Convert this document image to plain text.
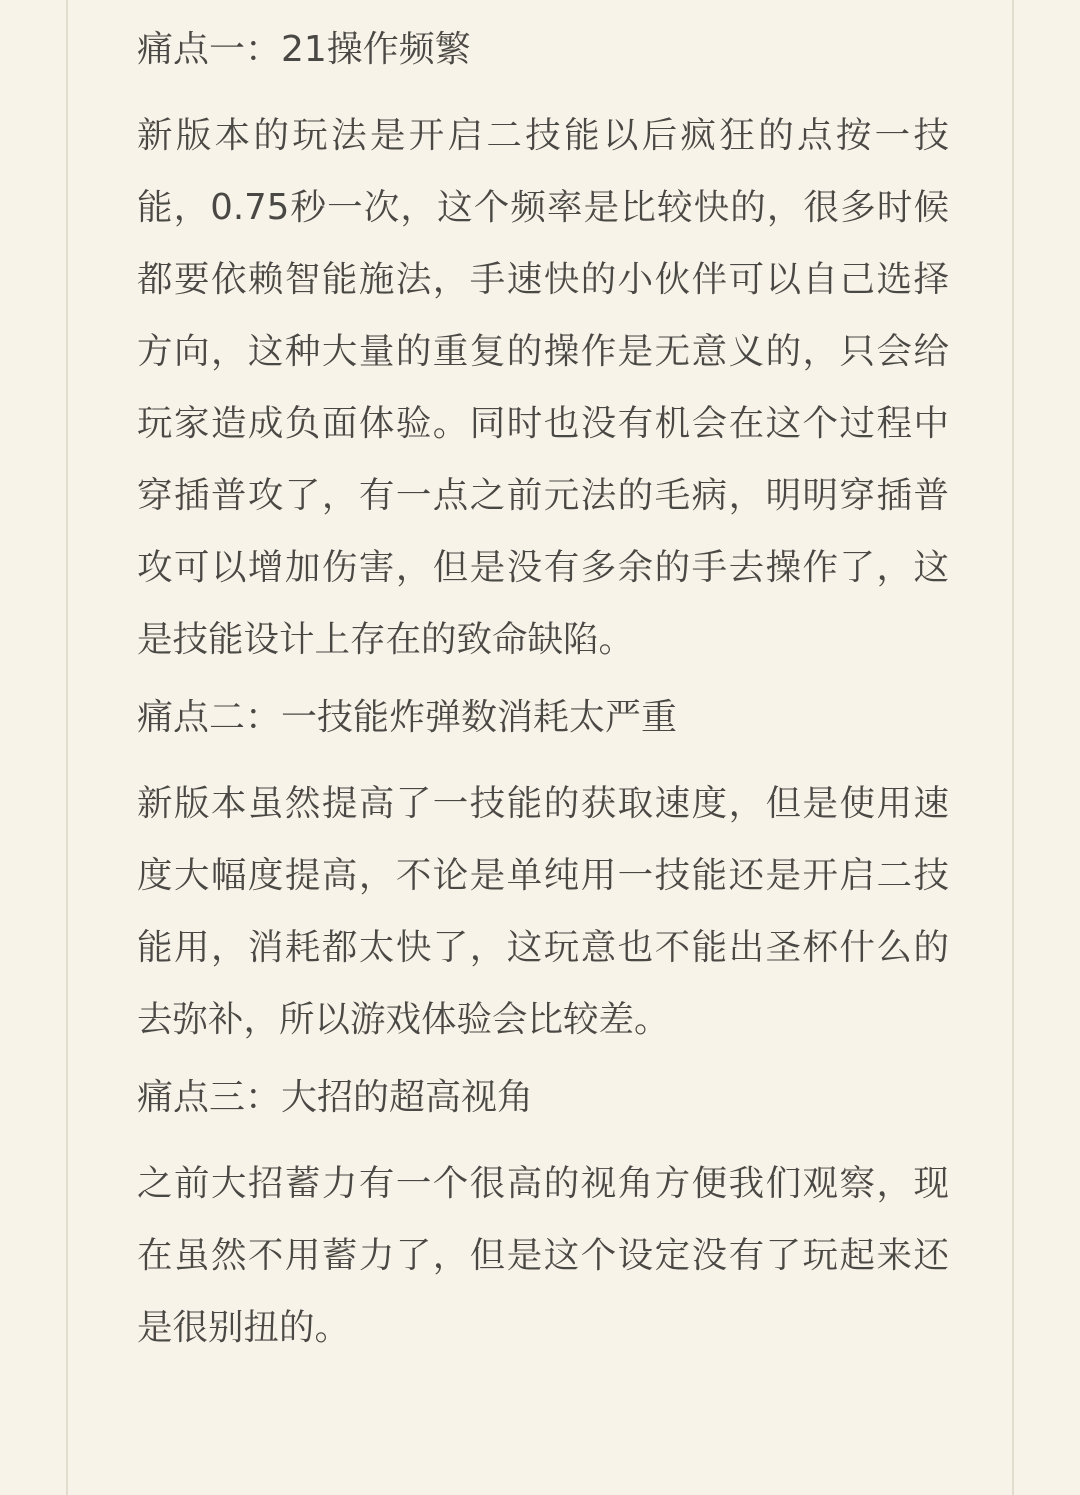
痛点一：21操作频繁
新版本的玩法是开启二技能以后疯狂的点按一技能，0.75秒一次，这个频率是比较快的，很多时候都要依赖智能施法，手速快的小伙伴可以自己选择方向，这种大量的重复的操作是无意义的，只会给玩家造成负面体验。同时也没有机会在这个过程中穿插普攻了，有一点之前元法的毛病，明明穿插普攻可以增加伤害，但是没有多余的手去操作了，这是技能设计上存在的致命缺陷。
痛点二：一技能炸弹数消耗太严重
新版本虽然提高了一技能的获取速度，但是使用速度大幅度提高，不论是单纯用一技能还是开启二技能用，消耗都太快了，这玩意也不能出圣杯什么的去弥补，所以游戏体验会比较差。
痛点三：大招的超高视角
之前大招蓄力有一个很高的视角方便我们观察，现在虽然不用蓄力了，但是这个设定没有了玩起来还是很别扭的。
